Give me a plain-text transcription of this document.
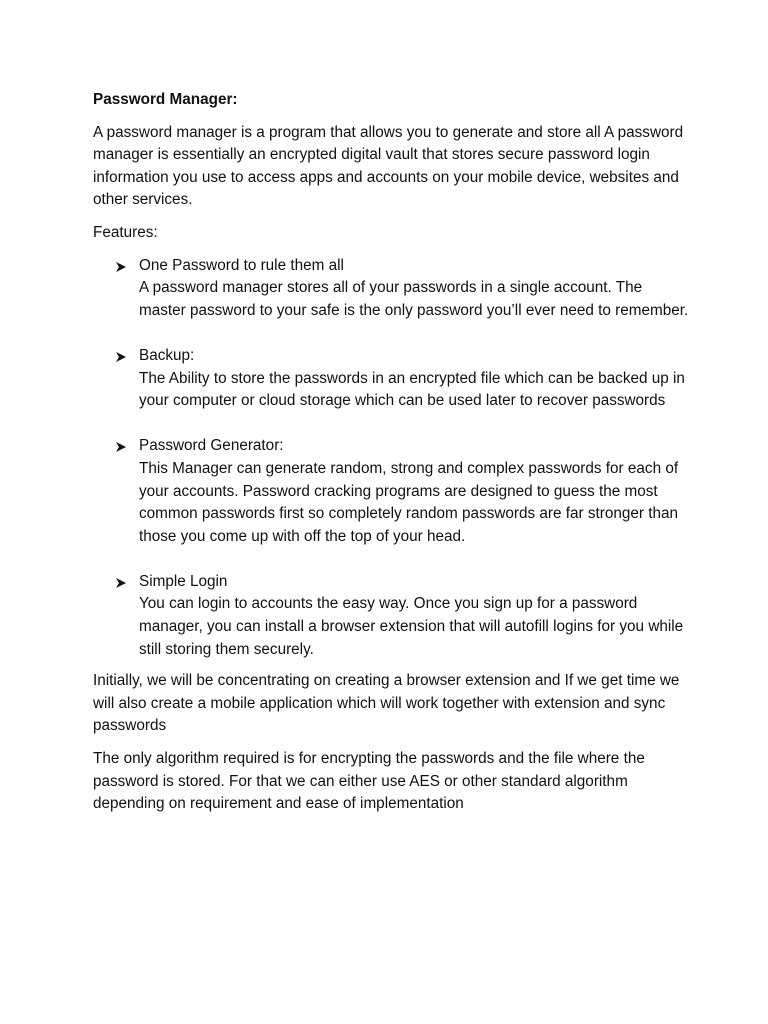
Password Manager:

A password manager is a program that allows you to generate and store all A password manager is essentially an encrypted digital vault that stores secure password login information you use to access apps and accounts on your mobile device, websites and other services.

Features:

One Password to rule them all
A password manager stores all of your passwords in a single account. The master password to your safe is the only password you’ll ever need to remember.
Backup:
The Ability to store the passwords in an encrypted file which can be backed up in your computer or cloud storage which can be used later to recover passwords
Password Generator:
This Manager can generate random, strong and complex passwords for each of your accounts. Password cracking programs are designed to guess the most common passwords first so completely random passwords are far stronger than those you come up with off the top of your head.
Simple Login
You can login to accounts the easy way. Once you sign up for a password manager, you can install a browser extension that will autofill logins for you while still storing them securely.

Initially, we will be concentrating on creating a browser extension and If we get time we will also create a mobile application which will work together with extension and sync passwords

The only algorithm required is for encrypting the passwords and the file where the password is stored. For that we can either use AES or other standard algorithm depending on requirement and ease of implementation
